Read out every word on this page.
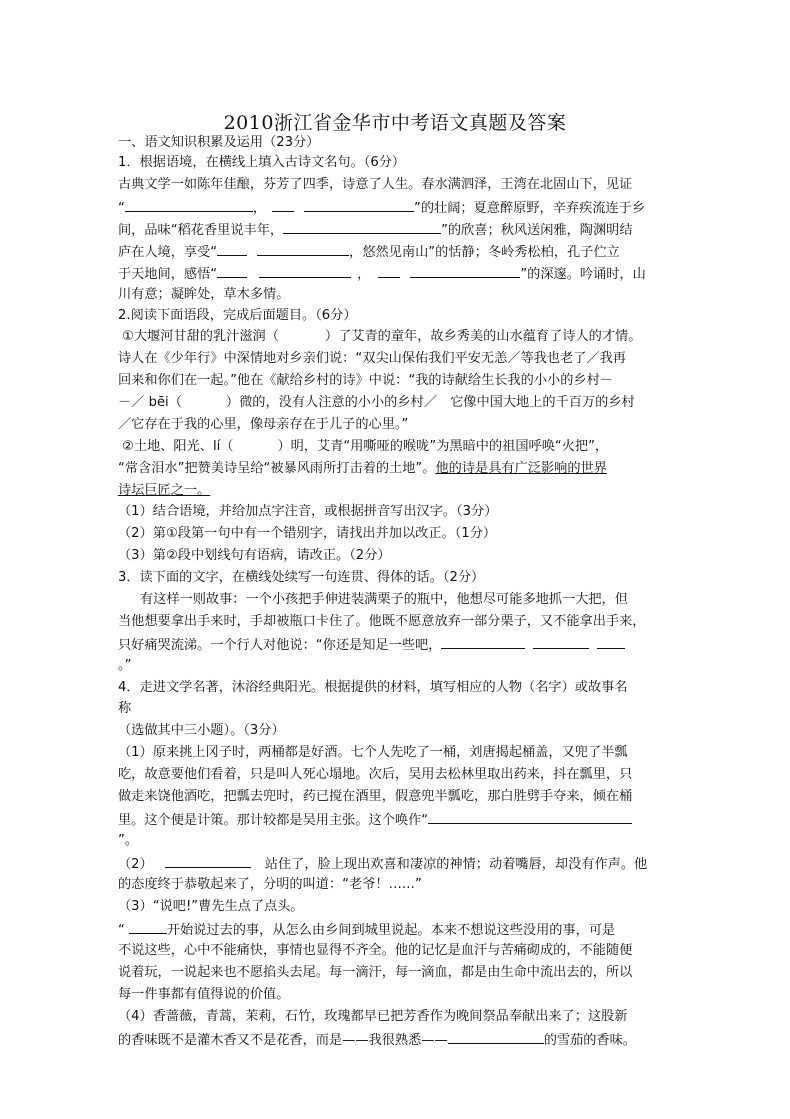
2010浙江省金华市中考语文真题及答案
一、语文知识积累及运用（23分）
1．根据语境，在横线上填入古诗文名句。（6分）
古典文学一如陈年佳酿，芬芳了四季，诗意了人生。春水满泗泽，王湾在北固山下，见证
“	，	”的壮阔；夏意醉原野，辛弃疾流连于乡
间，品味“稻花香里说丰年，	”的欣喜；秋风送闲雅，陶渊明结
庐在人境，享受“	，悠然见南山”的恬静；冬岭秀松柏，孔子伫立
于天地间，感悟“	，	”的深邃。吟诵时，山
川有意；凝眸处，草木多情。
2.阅读下面语段，完成后面题目。（6分）
①大堰河甘甜的乳汁滋润（	）了艾青的童年，故乡秀美的山水蕴育了诗人的才情。
诗人在《少年行》中深情地对乡亲们说：“双尖山保佑我们平安无恙／等我也老了／我再
回来和你们在一起。”他在《献给乡村的诗》中说：“我的诗献给生长我的小小的乡村－
－／ bēi（	）微的，没有人注意的小小的乡村／　它像中国大地上的千百万的乡村
／它存在于我的心里，像母亲存在于儿子的心里。”
②土地、阳光、lí（	）明，艾青“用嘶哑的喉咙”为黑暗中的祖国呼唤“火把”，
“常含泪水”把赞美诗呈给“被暴风雨所打击着的土地”。他的诗是具有广泛影响的世界
诗坛巨匠之一。
（1）结合语境，并给加点字注音，或根据拼音写出汉字。（3分）
（2）第①段第一句中有一个错别字，请找出并加以改正。（1分）
（3）第②段中划线句有语病，请改正。（2分）
3．读下面的文字，在横线处续写一句连贯、得体的话。（2分）
有这样一则故事：一个小孩把手伸进装满栗子的瓶中，他想尽可能多地抓一大把，但
当他想要拿出手来时，手却被瓶口卡住了。他既不愿意放弃一部分栗子，又不能拿出手来，
只好痛哭流涕。一个行人对他说：“你还是知足一些吧，
。”
4．走进文学名著，沐浴经典阳光。根据提供的材料，填写相应的人物（名字）或故事名
称
（选做其中三小题）。（3分）
（1）原来挑上冈子时，两桶都是好酒。七个人先吃了一桶，刘唐揭起桶盖，又兜了半瓢
吃，故意要他们看着，只是叫人死心塌地。次后，吴用去松林里取出药来，抖在瓢里，只
做走来饶他酒吃，把瓢去兜时，药已搅在酒里，假意兜半瓢吃，那白胜劈手夺来，倾在桶
里。这个便是计策。那计较都是吴用主张。这个唤作“
”。
（2）	站住了，脸上现出欢喜和凄凉的神情；动着嘴唇，却没有作声。他
的态度终于恭敬起来了，分明的叫道：“老爷！……”
（3）“说吧!”曹先生点了点头。
“	开始说过去的事，从怎么由乡间到城里说起。本来不想说这些没用的事，可是
不说这些，心中不能痛快，事情也显得不齐全。他的记忆是血汗与苦痛砌成的，不能随便
说着玩，一说起来也不愿掐头去尾。每一滴汗，每一滴血，都是由生命中流出去的，所以
每一件事都有值得说的价值。
（4）香蔷薇，青蒿，茉莉，石竹，玫瑰都早已把芳香作为晚间祭品奉献出来了；这股新
的香味既不是灌木香又不是花香，而是——我很熟悉——	的雪茄的香味。
